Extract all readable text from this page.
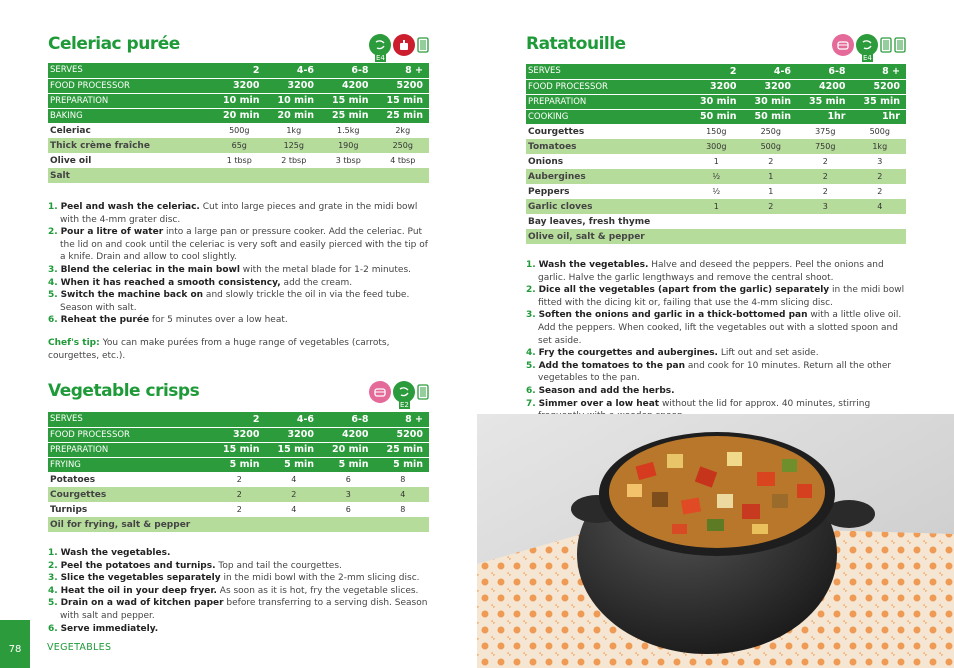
Celeriac purée
E4
SERVES	2	4-6	6-8	8 +
FOOD PROCESSOR	3200	3200	4200	5200
PREPARATION	10 min	10 min	15 min	15 min
BAKING	20 min	20 min	25 min	25 min
Celeriac	500g	1kg	1.5kg	2kg
Thick crème fraîche	65g	125g	190g	250g
Olive oil	1 tbsp	2 tbsp	3 tbsp	4 tbsp
Salt				
1. Peel and wash the celeriac. Cut into large pieces and grate in the midi bowl with the 4-mm grater disc.
2. Pour a litre of water into a large pan or pressure cooker. Add the celeriac. Put the lid on and cook until the celeriac is very soft and easily pierced with the tip of a knife. Drain and allow to cool slightly.
3. Blend the celeriac in the main bowl with the metal blade for 1-2 minutes.
4. When it has reached a smooth consistency, add the cream.
5. Switch the machine back on and slowly trickle the oil in via the feed tube. Season with salt.
6. Reheat the purée for 5 minutes over a low heat.
Chef's tip: You can make purées from a huge range of vegetables (carrots, courgettes, etc.).
Vegetable crisps
E2
SERVES	2	4-6	6-8	8 +
FOOD PROCESSOR	3200	3200	4200	5200
PREPARATION	15 min	15 min	20 min	25 min
FRYING	5 min	5 min	5 min	5 min
Potatoes	2	4	6	8
Courgettes	2	2	3	4
Turnips	2	4	6	8
Oil for frying, salt & pepper				
1. Wash the vegetables.
2. Peel the potatoes and turnips. Top and tail the courgettes.
3. Slice the vegetables separately in the midi bowl with the 2-mm slicing disc.
4. Heat the oil in your deep fryer. As soon as it is hot, fry the vegetable slices.
5. Drain on a wad of kitchen paper before transferring to a serving dish. Season with salt and pepper.
6. Serve immediately.
78	VEGETABLES
Ratatouille
E4
SERVES	2	4-6	6-8	8 +
FOOD PROCESSOR	3200	3200	4200	5200
PREPARATION	30 min	30 min	35 min	35 min
COOKING	50 min	50 min	1hr	1hr
Courgettes	150g	250g	375g	500g
Tomatoes	300g	500g	750g	1kg
Onions	1	2	2	3
Aubergines	½	1	2	2
Peppers	½	1	2	2
Garlic cloves	1	2	3	4
Bay leaves, fresh thyme				
Olive oil, salt & pepper				
1. Wash the vegetables. Halve and deseed the peppers. Peel the onions and garlic. Halve the garlic lengthways and remove the central shoot.
2. Dice all the vegetables (apart from the garlic) separately in the midi bowl fitted with the dicing kit or, failing that use the 4-mm slicing disc.
3. Soften the onions and garlic in a thick-bottomed pan with a little olive oil. Add the peppers. When cooked, lift the vegetables out with a slotted spoon and set aside.
4. Fry the courgettes and aubergines. Lift out and set aside.
5. Add the tomatoes to the pan and cook for 10 minutes. Return all the other vegetables to the pan.
6. Season and add the herbs.
7. Simmer over a low heat without the lid for approx. 40 minutes, stirring
